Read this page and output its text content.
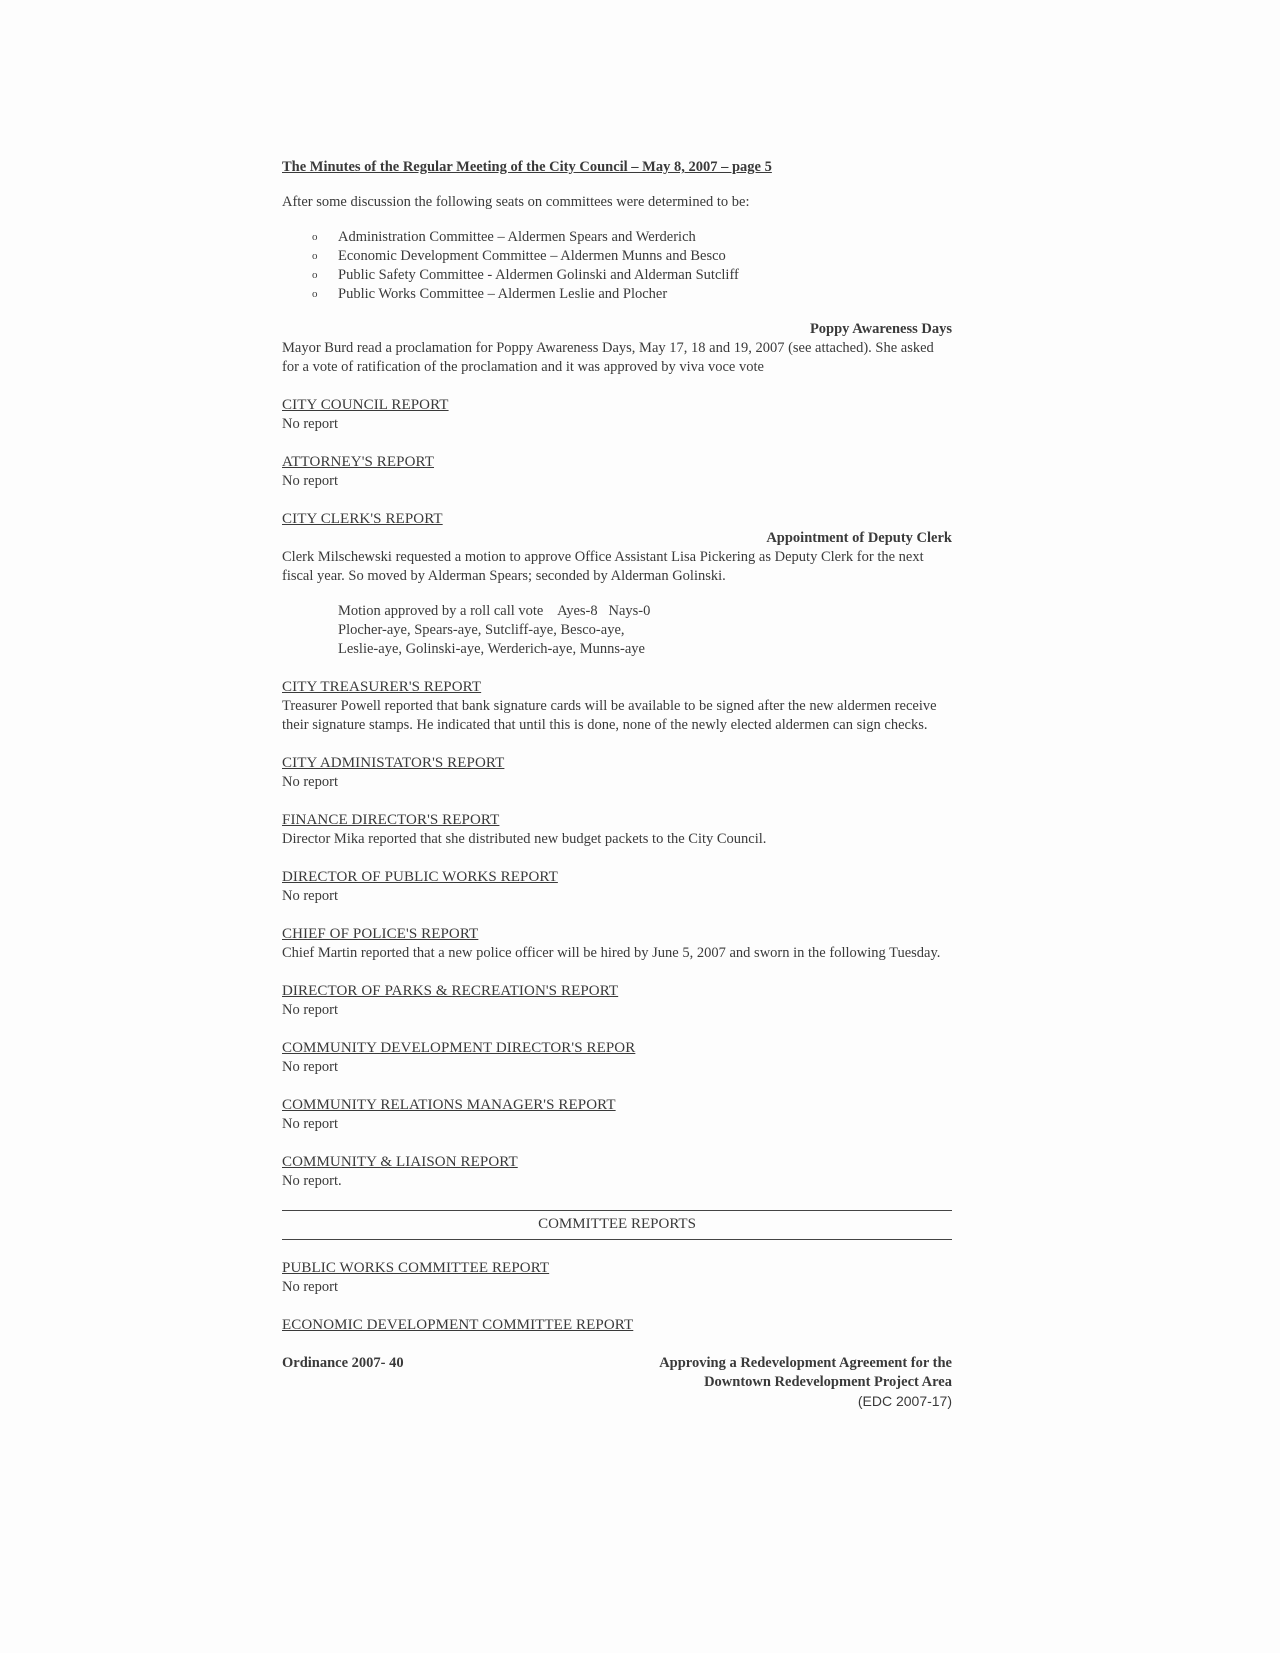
The Minutes of the Regular Meeting of the City Council – May 8, 2007 – page 5

After some discussion the following seats on committees were determined to be:

o Administration Committee – Aldermen Spears and Werderich
o Economic Development Committee – Aldermen Munns and Besco
o Public Safety Committee - Aldermen Golinski and Alderman Sutcliff
o Public Works Committee – Aldermen Leslie and Plocher

Poppy Awareness Days

Mayor Burd read a proclamation for Poppy Awareness Days, May 17, 18 and 19, 2007 (see attached). She asked for a vote of ratification of the proclamation and it was approved by viva voce vote

CITY COUNCIL REPORT

No report

ATTORNEY'S REPORT

No report

CITY CLERK'S REPORT

Appointment of Deputy Clerk

Clerk Milschewski requested a motion to approve Office Assistant Lisa Pickering as Deputy Clerk for the next fiscal year. So moved by Alderman Spears; seconded by Alderman Golinski.

Motion approved by a roll call vote    Ayes-8   Nays-0

Plocher-aye, Spears-aye, Sutcliff-aye, Besco-aye,

Leslie-aye, Golinski-aye, Werderich-aye, Munns-aye

CITY TREASURER'S REPORT

Treasurer Powell reported that bank signature cards will be available to be signed after the new aldermen receive their signature stamps. He indicated that until this is done, none of the newly elected aldermen can sign checks.

CITY ADMINISTATOR'S REPORT

No report

FINANCE DIRECTOR'S REPORT

Director Mika reported that she distributed new budget packets to the City Council.

DIRECTOR OF PUBLIC WORKS REPORT

No report

CHIEF OF POLICE'S REPORT

Chief Martin reported that a new police officer will be hired by June 5, 2007 and sworn in the following Tuesday.

DIRECTOR OF PARKS & RECREATION'S REPORT

No report

COMMUNITY DEVELOPMENT DIRECTOR'S REPOR

No report

COMMUNITY RELATIONS MANAGER'S REPORT

No report

COMMUNITY & LIAISON REPORT

No report.

COMMITTEE REPORTS

PUBLIC WORKS COMMITTEE REPORT

No report

ECONOMIC DEVELOPMENT COMMITTEE REPORT

Ordinance 2007- 40	Approving a Redevelopment Agreement for the

Downtown Redevelopment Project Area

(EDC 2007-17)
